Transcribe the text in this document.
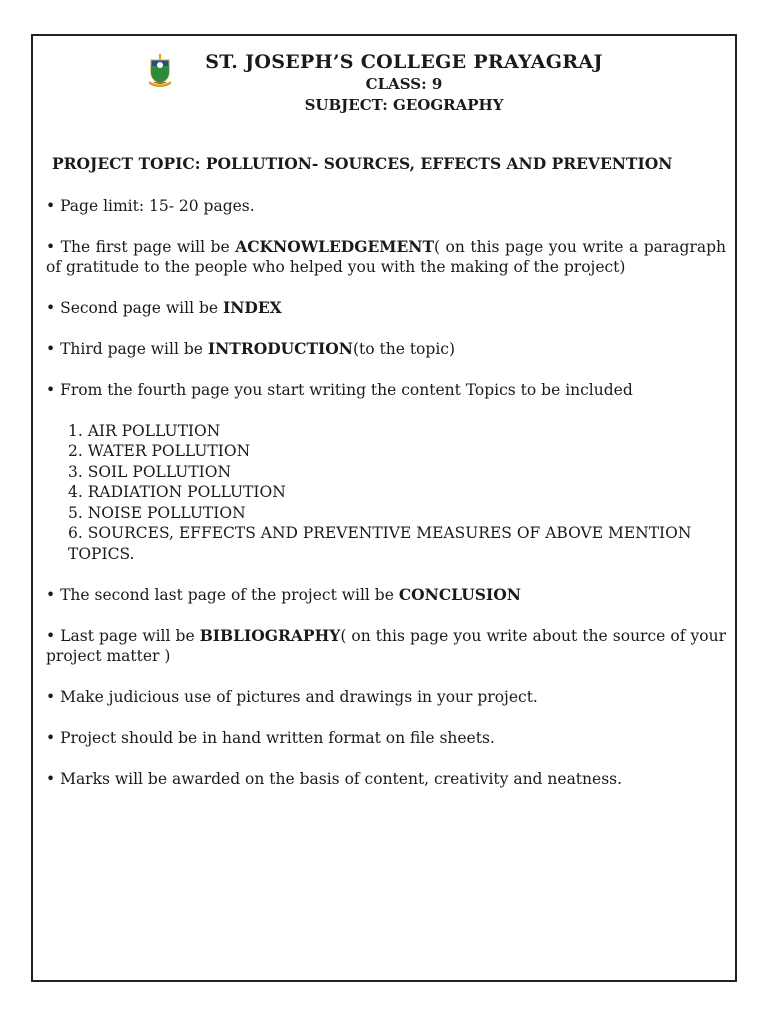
ST. JOSEPH’S COLLEGE PRAYAGRAJ
CLASS: 9
SUBJECT: GEOGRAPHY
PROJECT TOPIC: POLLUTION- SOURCES, EFFECTS AND PREVENTION

• Page limit: 15- 20 pages.

• The first page will be ACKNOWLEDGEMENT( on this page you write a paragraph of gratitude to the people who helped you with the making of the project)

• Second page will be INDEX

• Third page will be INTRODUCTION(to the topic)

• From the fourth page you start writing the content Topics to be included

1. AIR POLLUTION
2. WATER POLLUTION
3. SOIL POLLUTION
4. RADIATION POLLUTION
5. NOISE POLLUTION
6. SOURCES, EFFECTS AND PREVENTIVE MEASURES OF ABOVE MENTION TOPICS.

• The second last page of the project will be CONCLUSION

• Last page will be BIBLIOGRAPHY( on this page you write about the source of your project matter )

• Make judicious use of pictures and drawings in your project.

• Project should be in hand written format on file sheets.

• Marks will be awarded on the basis of content, creativity and neatness.
